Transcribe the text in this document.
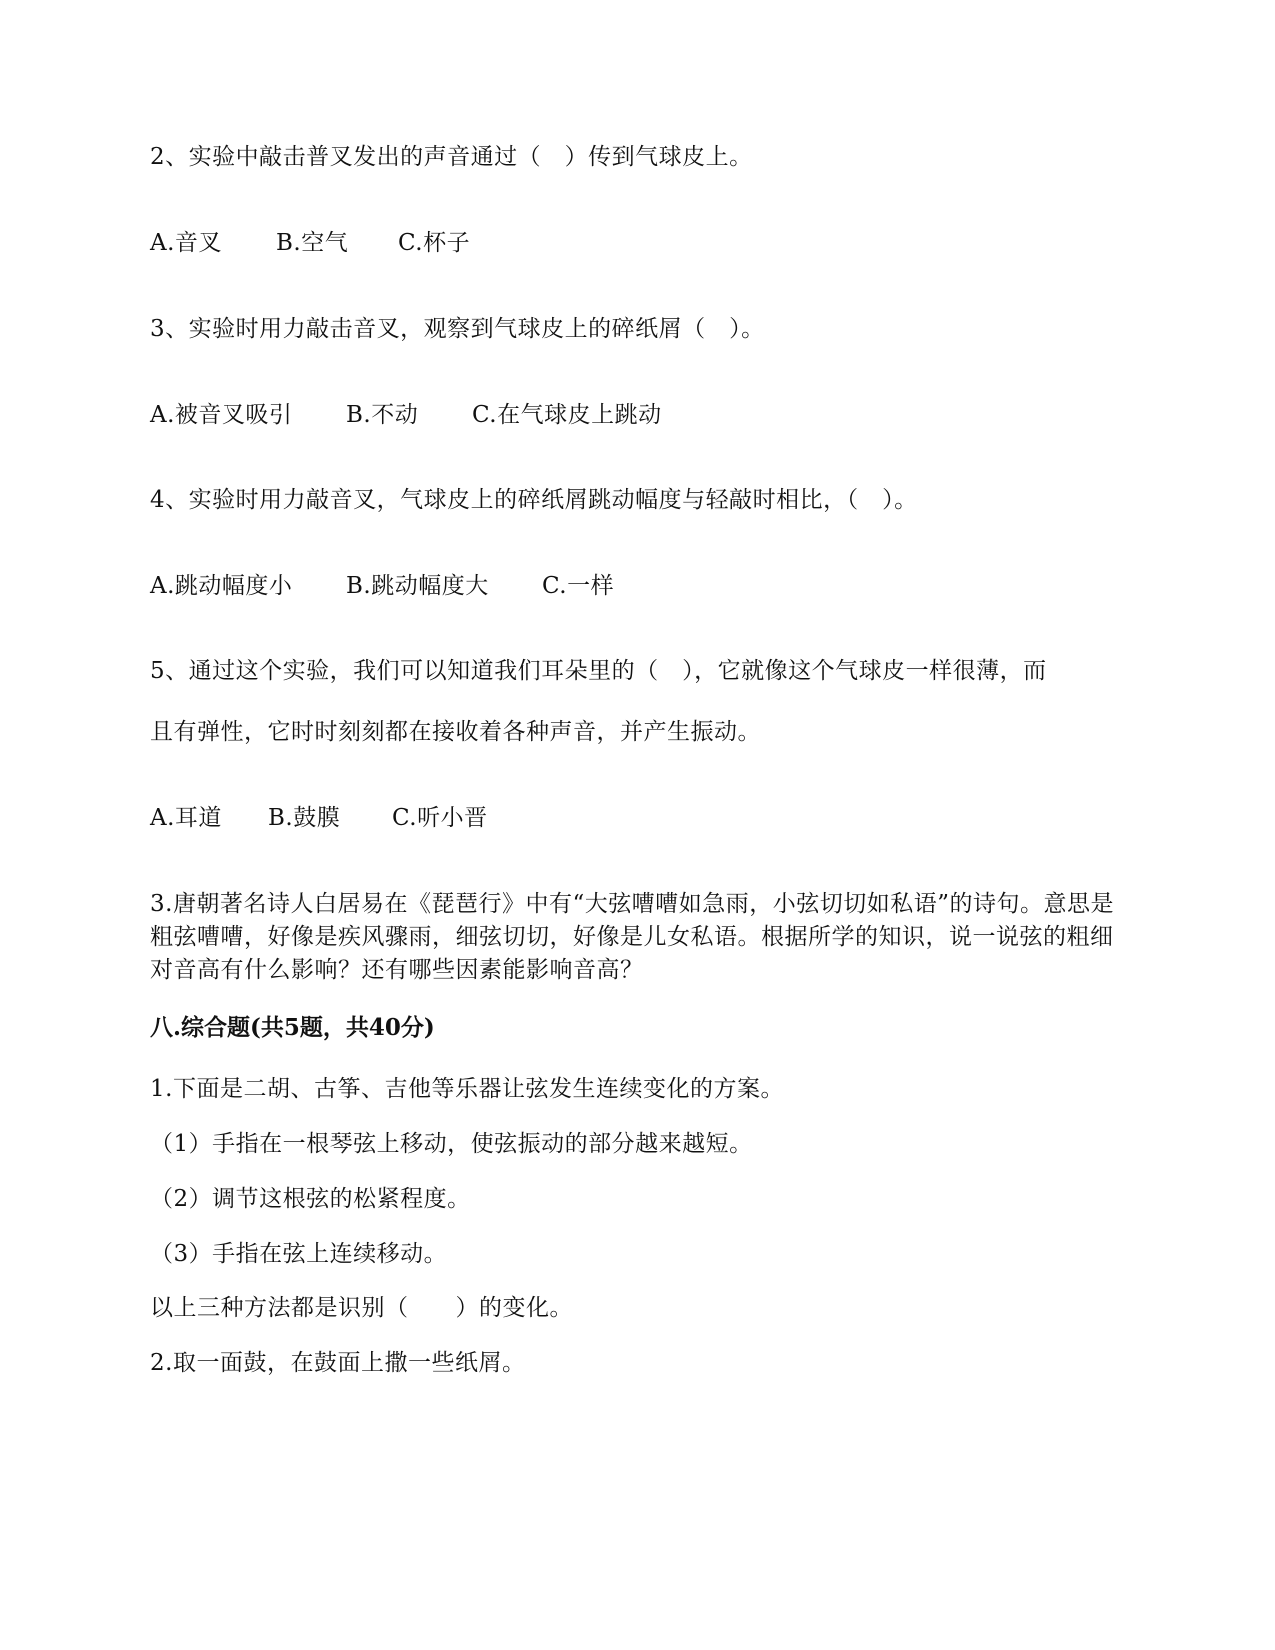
2、实验中敲击普叉发出的声音通过（　）传到气球皮上。
A.音叉 B.空气 C.杯子
3、实验时用力敲击音叉，观察到气球皮上的碎纸屑（　）。
A.被音叉吸引 B.不动 C.在气球皮上跳动
4、实验时用力敲音叉，气球皮上的碎纸屑跳动幅度与轻敲时相比，（　）。
A.跳动幅度小 B.跳动幅度大 C.一样
5、通过这个实验，我们可以知道我们耳朵里的（　），它就像这个气球皮一样很薄，而
且有弹性，它时时刻刻都在接收着各种声音，并产生振动。
A.耳道 B.鼓膜 C.听小晋
3.唐朝著名诗人白居易在《琵琶行》中有“大弦嘈嘈如急雨，小弦切切如私语”的诗句。意思是粗弦嘈嘈，好像是疾风骤雨，细弦切切，好像是儿女私语。根据所学的知识，说一说弦的粗细对音高有什么影响？还有哪些因素能影响音高？
八.综合题(共5题，共40分)
1.下面是二胡、古筝、吉他等乐器让弦发生连续变化的方案。
（1）手指在一根琴弦上移动，使弦振动的部分越来越短。
（2）调节这根弦的松紧程度。
（3）手指在弦上连续移动。
以上三种方法都是识别（　　）的变化。
2.取一面鼓，在鼓面上撒一些纸屑。
